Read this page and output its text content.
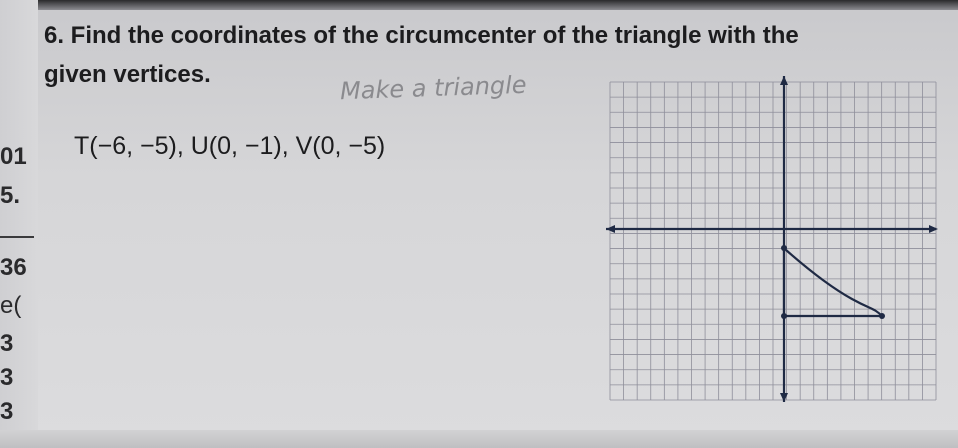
6. Find the coordinates of the circumcenter of the triangle with the
given vertices.	Make a triangle
T(−6, −5), U(0, −1), V(0, −5)
01
5.
36
e(
3
3
3
